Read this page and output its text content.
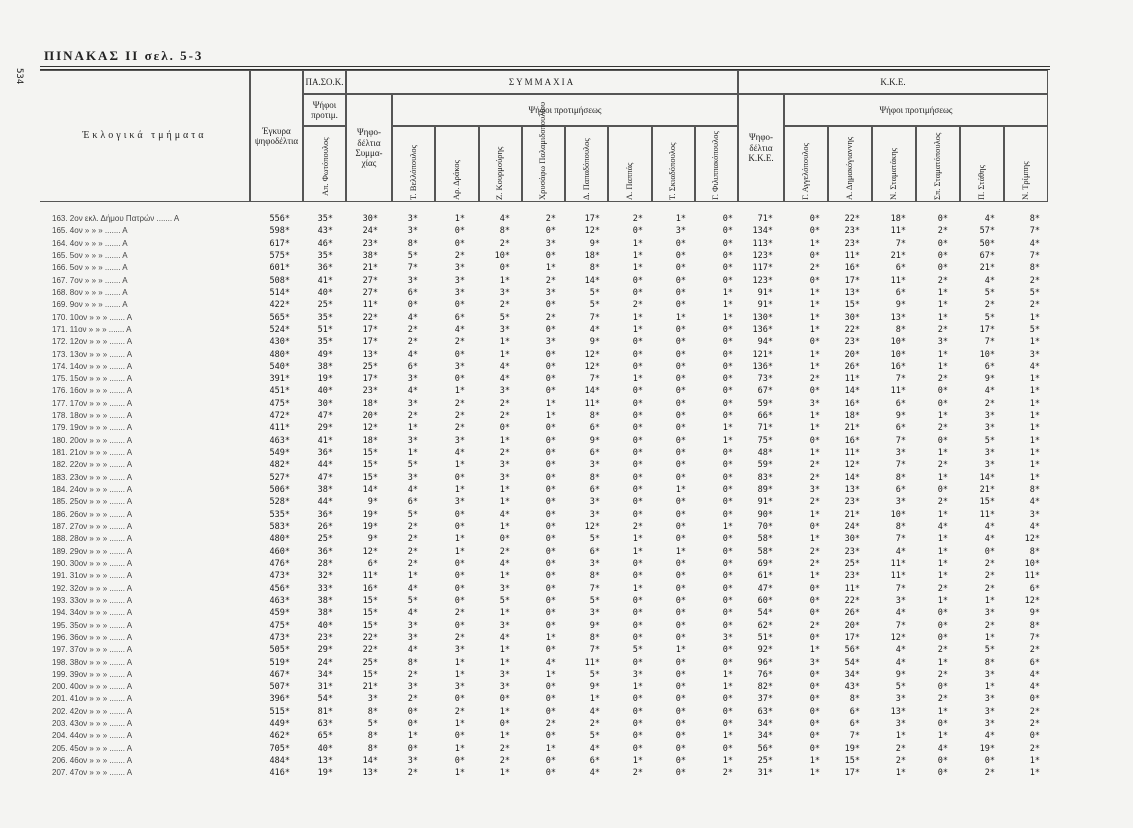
534
ΠΙΝΑΚΑΣ II σελ. 5-3
Έκλογικά τμήματα	Έγκυρα ψηφοδέλτια
ΠΑ.ΣΟ.Κ.
Ψήφοι προτιμ.
Απ. Φωτόπουλος
ΣΥΜΜΑΧΙΑ
Ψηφο-δέλτια Συμμα-χίας
Ψήφοι προτιμήσεως
Τ. Βελλόπουλος	Αρ. Δράκος	Ζ. Κουρμούρης	Χρυσάφω Παλαμιδοπουλίου	Δ. Παπαδόπουλος	Λ. Παππάς	Τ. Σκιαδόπουλος	Γ. Φιλιππακόπουλος
Κ.Κ.Ε.
Ψηφο-δέλτια Κ.Κ.Ε.
Ψήφοι προτιμήσεως
Γ. Αγγελόπουλος	Α. Δημακόγιαννης	Ν. Σταματάκης	Σπ. Σταματόπουλος	Π. Στάθης	Ν. Τρίμπης
163. 2ον εκλ. Δήμου Πατρών ....... Α	556*	35*	30*	3*	1*	4*	2*	17*	2*	1*	0*	71*	0*	22*	18*	0*	4*	8*
165. 4ον » » » ....... Α	598*	43*	24*	3*	0*	8*	0*	12*	0*	3*	0*	134*	0*	23*	11*	2*	57*	7*
164. 4ον » » » ....... Α	617*	46*	23*	8*	0*	2*	3*	9*	1*	0*	0*	113*	1*	23*	7*	0*	50*	4*
165. 5ον » » » ....... Α	575*	35*	38*	5*	2*	10*	0*	18*	1*	0*	0*	123*	0*	11*	21*	0*	67*	7*
166. 5ον » » » ....... Α	601*	36*	21*	7*	3*	0*	1*	8*	1*	0*	0*	117*	2*	16*	6*	0*	21*	8*
167. 7ον » » » ....... Α	508*	41*	27*	3*	3*	1*	2*	14*	0*	0*	0*	123*	0*	17*	11*	2*	4*	2*
168. 8ον » » » ....... Α	514*	40*	27*	6*	3*	3*	3*	5*	0*	0*	1*	91*	1*	13*	6*	1*	5*	5*
169. 9ον » » » ....... Α	422*	25*	11*	0*	0*	2*	0*	5*	2*	0*	1*	91*	1*	15*	9*	1*	2*	2*
170. 10ον » » » ....... Α	565*	35*	22*	4*	6*	5*	2*	7*	1*	1*	1*	130*	1*	30*	13*	1*	5*	1*
171. 11ον » » » ....... Α	524*	51*	17*	2*	4*	3*	0*	4*	1*	0*	0*	136*	1*	22*	8*	2*	17*	5*
172. 12ον » » » ....... Α	430*	35*	17*	2*	2*	1*	3*	9*	0*	0*	0*	94*	0*	23*	10*	3*	7*	1*
173. 13ον » » » ....... Α	480*	49*	13*	4*	0*	1*	0*	12*	0*	0*	0*	121*	1*	20*	10*	1*	10*	3*
174. 14ον » » » ....... Α	540*	38*	25*	6*	3*	4*	0*	12*	0*	0*	0*	136*	1*	26*	16*	1*	6*	4*
175. 15ον » » » ....... Α	391*	19*	17*	3*	0*	4*	0*	7*	1*	0*	0*	73*	2*	11*	7*	2*	9*	1*
176. 16ον » » » ....... Α	451*	40*	23*	4*	1*	3*	0*	14*	0*	0*	0*	67*	0*	14*	11*	0*	4*	1*
177. 17ον » » » ....... Α	475*	30*	18*	3*	2*	2*	1*	11*	0*	0*	0*	59*	3*	16*	6*	0*	2*	1*
178. 18ον » » » ....... Α	472*	47*	20*	2*	2*	2*	1*	8*	0*	0*	0*	66*	1*	18*	9*	1*	3*	1*
179. 19ον » » » ....... Α	411*	29*	12*	1*	2*	0*	0*	6*	0*	0*	1*	71*	1*	21*	6*	2*	3*	1*
180. 20ον » » » ....... Α	463*	41*	18*	3*	3*	1*	0*	9*	0*	0*	1*	75*	0*	16*	7*	0*	5*	1*
181. 21ον » » » ....... Α	549*	36*	15*	1*	4*	2*	0*	6*	0*	0*	0*	48*	1*	11*	3*	1*	3*	1*
182. 22ον » » » ....... Α	482*	44*	15*	5*	1*	3*	0*	3*	0*	0*	0*	59*	2*	12*	7*	2*	3*	1*
183. 23ον » » » ....... Α	527*	47*	15*	3*	0*	3*	0*	8*	0*	0*	0*	83*	2*	14*	8*	1*	14*	1*
184. 24ον » » » ....... Α	506*	38*	14*	4*	1*	1*	0*	6*	0*	1*	0*	89*	3*	13*	6*	0*	21*	8*
185. 25ον » » » ....... Α	528*	44*	9*	6*	3*	1*	0*	3*	0*	0*	0*	91*	2*	23*	3*	2*	15*	4*
186. 26ον » » » ....... Α	535*	36*	19*	5*	0*	4*	0*	3*	0*	0*	0*	90*	1*	21*	10*	1*	11*	3*
187. 27ον » » » ....... Α	583*	26*	19*	2*	0*	1*	0*	12*	2*	0*	1*	70*	0*	24*	8*	4*	4*	4*
188. 28ον » » » ....... Α	480*	25*	9*	2*	1*	0*	0*	5*	1*	0*	0*	58*	1*	30*	7*	1*	4*	12*
189. 29ον » » » ....... Α	460*	36*	12*	2*	1*	2*	0*	6*	1*	1*	0*	58*	2*	23*	4*	1*	0*	8*
190. 30ον » » » ....... Α	476*	28*	6*	2*	0*	4*	0*	3*	0*	0*	0*	69*	2*	25*	11*	1*	2*	10*
191. 31ον » » » ....... Α	473*	32*	11*	1*	0*	1*	0*	8*	0*	0*	0*	61*	1*	23*	11*	1*	2*	11*
192. 32ον » » » ....... Α	456*	33*	16*	4*	0*	3*	0*	7*	1*	0*	0*	47*	0*	11*	7*	2*	2*	6*
193. 33ον » » » ....... Α	463*	38*	15*	5*	0*	5*	0*	5*	0*	0*	0*	60*	0*	22*	3*	1*	1*	12*
194. 34ον » » » ....... Α	459*	38*	15*	4*	2*	1*	0*	3*	0*	0*	0*	54*	0*	26*	4*	0*	3*	9*
195. 35ον » » » ....... Α	475*	40*	15*	3*	0*	3*	0*	9*	0*	0*	0*	62*	2*	20*	7*	0*	2*	8*
196. 36ον » » » ....... Α	473*	23*	22*	3*	2*	4*	1*	8*	0*	0*	3*	51*	0*	17*	12*	0*	1*	7*
197. 37ον » » » ....... Α	505*	29*	22*	4*	3*	1*	0*	7*	5*	1*	0*	92*	1*	56*	4*	2*	5*	2*
198. 38ον » » » ....... Α	519*	24*	25*	8*	1*	1*	4*	11*	0*	0*	0*	96*	3*	54*	4*	1*	8*	6*
199. 39ον » » » ....... Α	467*	34*	15*	2*	1*	3*	1*	5*	3*	0*	1*	76*	0*	34*	9*	2*	3*	4*
200. 40ον » » » ....... Α	507*	31*	21*	3*	3*	3*	0*	9*	1*	0*	1*	82*	0*	43*	5*	0*	1*	4*
201. 41ον » » » ....... Α	396*	54*	3*	2*	0*	0*	0*	1*	0*	0*	0*	37*	0*	8*	3*	2*	3*	0*
202. 42ον » » » ....... Α	515*	81*	8*	0*	2*	1*	0*	4*	0*	0*	0*	63*	0*	6*	13*	1*	3*	2*
203. 43ον » » » ....... Α	449*	63*	5*	0*	1*	0*	2*	2*	0*	0*	0*	34*	0*	6*	3*	0*	3*	2*
204. 44ον » » » ....... Α	462*	65*	8*	1*	0*	1*	0*	5*	0*	0*	1*	34*	0*	7*	1*	1*	4*	0*
205. 45ον » » » ....... Α	705*	40*	8*	0*	1*	2*	1*	4*	0*	0*	0*	56*	0*	19*	2*	4*	19*	2*
206. 46ον » » » ....... Α	484*	13*	14*	3*	0*	2*	0*	6*	1*	0*	1*	25*	1*	15*	2*	0*	0*	1*
207. 47ον » » » ....... Α	416*	19*	13*	2*	1*	1*	0*	4*	2*	0*	2*	31*	1*	17*	1*	0*	2*	1*
